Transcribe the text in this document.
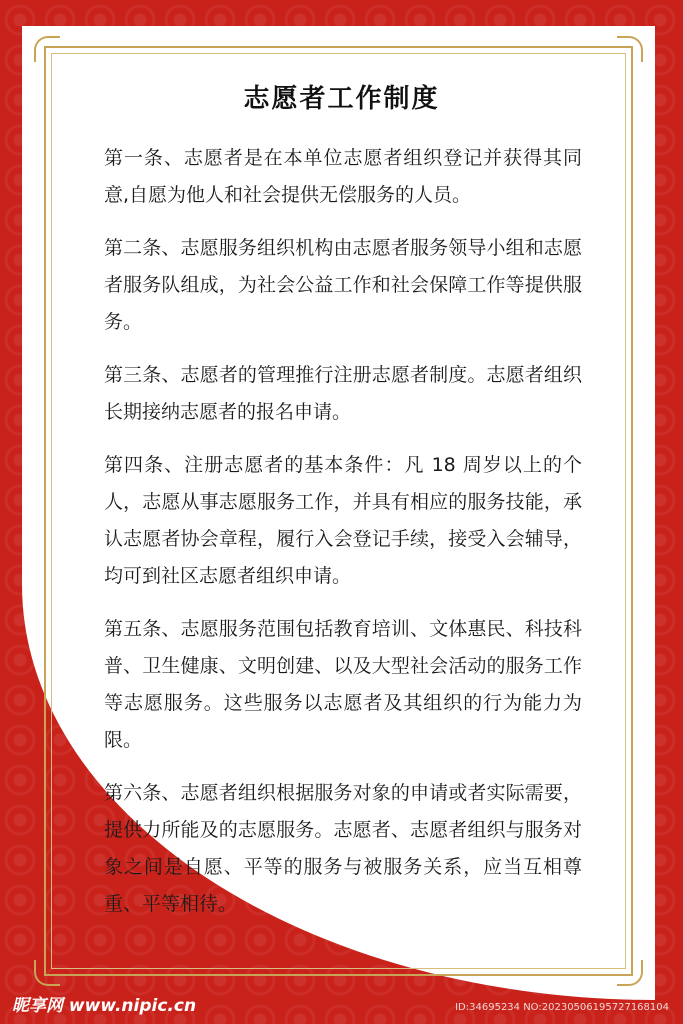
志愿者工作制度

第一条、志愿者是在本单位志愿者组织登记并获得其同意,自愿为他人和社会提供无偿服务的人员。

第二条、志愿服务组织机构由志愿者服务领导小组和志愿者服务队组成，为社会公益工作和社会保障工作等提供服务。

第三条、志愿者的管理推行注册志愿者制度。志愿者组织长期接纳志愿者的报名申请。

第四条、注册志愿者的基本条件：凡 18 周岁以上的个人，志愿从事志愿服务工作，并具有相应的服务技能，承认志愿者协会章程，履行入会登记手续，接受入会辅导，均可到社区志愿者组织申请。

第五条、志愿服务范围包括教育培训、文体惠民、科技科普、卫生健康、文明创建、以及大型社会活动的服务工作等志愿服务。这些服务以志愿者及其组织的行为能力为限。

第六条、志愿者组织根据服务对象的申请或者实际需要，提供力所能及的志愿服务。志愿者、志愿者组织与服务对象之间是自愿、平等的服务与被服务关系，应当互相尊重、平等相待。

昵享网 www.nipic.cn	ID:34695234 NO:20230506195727168104
